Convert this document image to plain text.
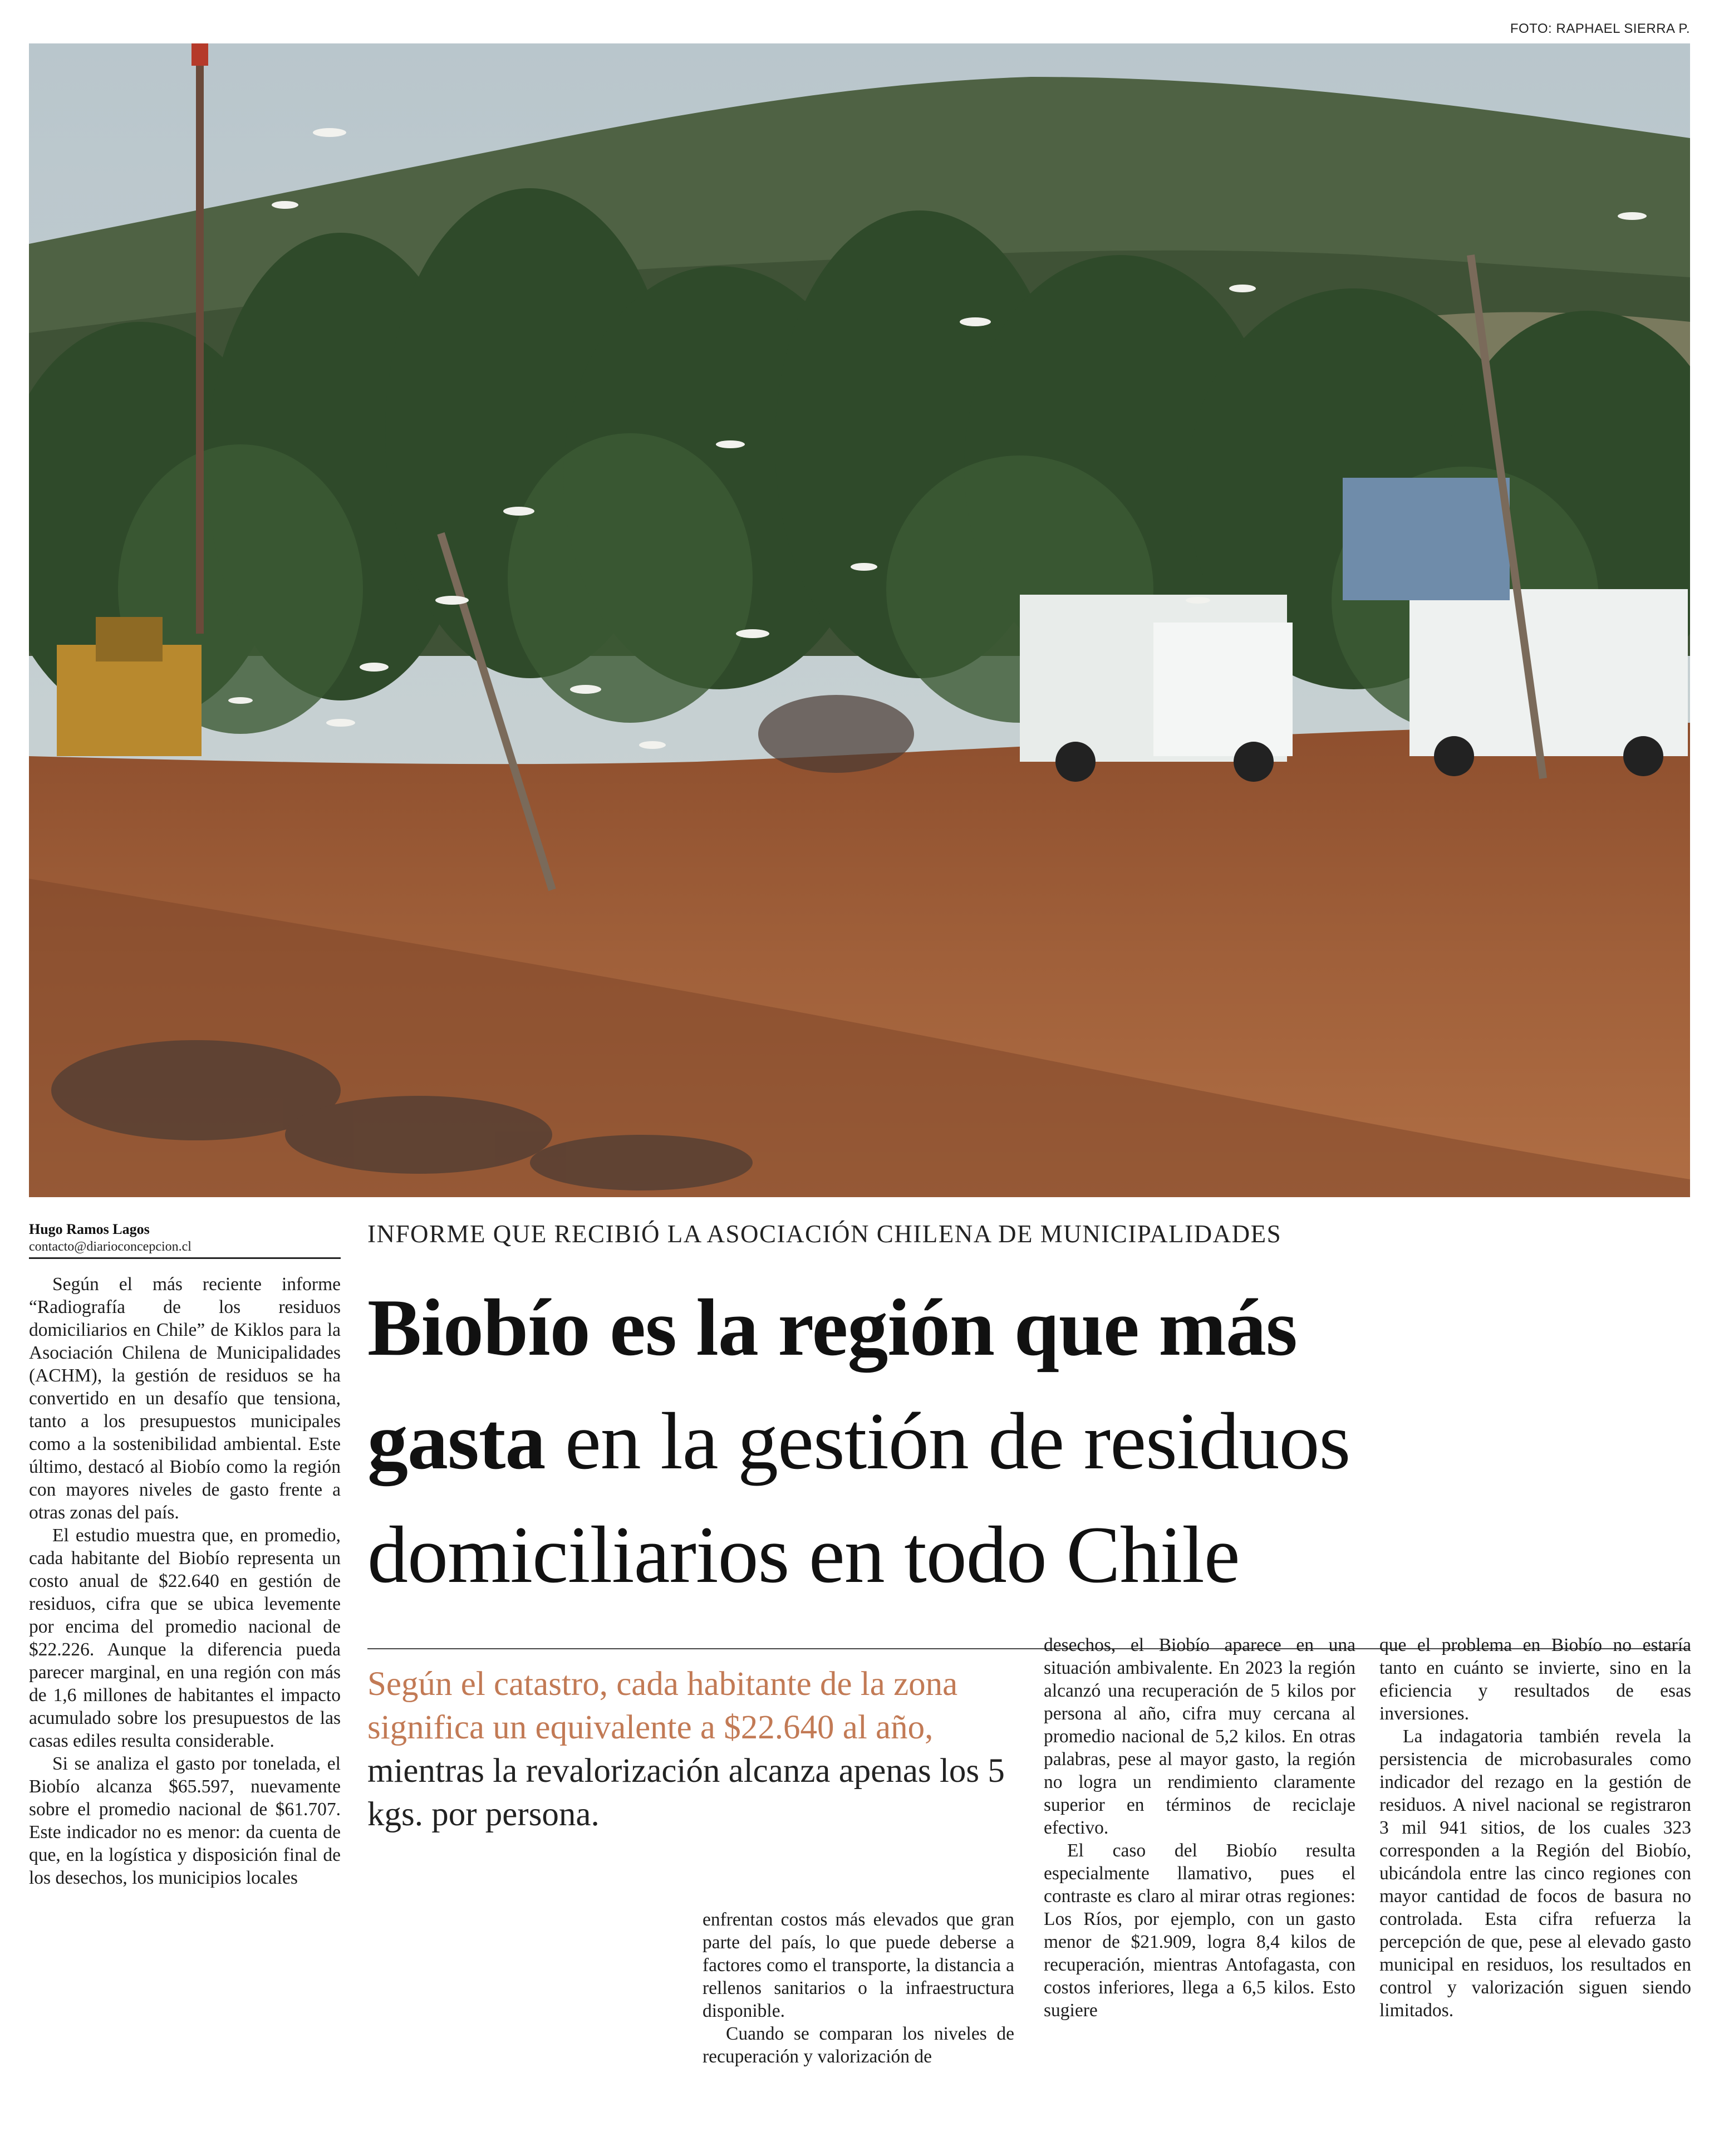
FOTO: RAPHAEL SIERRA P.
Hugo Ramos Lagos
contacto@diarioconcepcion.cl	INFORME QUE RECIBIÓ LA ASOCIACIÓN CHILENA DE MUNICIPALIDADES
Biobío es la región que más
gasta en la gestión de residuos
domiciliarios en todo Chile
Según el catastro, cada habitante de la zona significa un equivalente a $22.640 al año, mientras la revalorización alcanza apenas los 5 kgs. por persona.

Según el más reciente informe “Radiografía de los residuos domiciliarios en Chile” de Kiklos para la Asociación Chilena de Municipalidades (ACHM), la gestión de residuos se ha convertido en un desafío que tensiona, tanto a los presupuestos municipales como a la sostenibilidad ambiental. Este último, destacó al Biobío como la región con mayores niveles de gasto frente a otras zonas del país.

El estudio muestra que, en promedio, cada habitante del Biobío representa un costo anual de $22.640 en gestión de residuos, cifra que se ubica levemente por encima del promedio nacional de $22.226. Aunque la diferencia pueda parecer marginal, en una región con más de 1,6 millones de habitantes el impacto acumulado sobre los presupuestos de las casas ediles resulta considerable.

Si se analiza el gasto por tonelada, el Biobío alcanza $65.597, nuevamente sobre el promedio nacional de $61.707. Este indicador no es menor: da cuenta de que, en la logística y disposición final de los desechos, los municipios locales

enfrentan costos más elevados que gran parte del país, lo que puede deberse a factores como el transporte, la distancia a rellenos sanitarios o la infraestructura disponible.

Cuando se comparan los niveles de recuperación y valorización de

desechos, el Biobío aparece en una situación ambivalente. En 2023 la región alcanzó una recuperación de 5 kilos por persona al año, cifra muy cercana al promedio nacional de 5,2 kilos. En otras palabras, pese al mayor gasto, la región no logra un rendimiento claramente superior en términos de reciclaje efectivo.

El caso del Biobío resulta especialmente llamativo, pues el contraste es claro al mirar otras regiones: Los Ríos, por ejemplo, con un gasto menor de $21.909, logra 8,4 kilos de recuperación, mientras Antofagasta, con costos inferiores, llega a 6,5 kilos. Esto sugiere

que el problema en Biobío no estaría tanto en cuánto se invierte, sino en la eficiencia y resultados de esas inversiones.

La indagatoria también revela la persistencia de microbasurales como indicador del rezago en la gestión de residuos. A nivel nacional se registraron 3 mil 941 sitios, de los cuales 323 corresponden a la Región del Biobío, ubicándola entre las cinco regiones con mayor cantidad de focos de basura no controlada. Esta cifra refuerza la percepción de que, pese al elevado gasto municipal en residuos, los resultados en control y valorización siguen siendo limitados.
